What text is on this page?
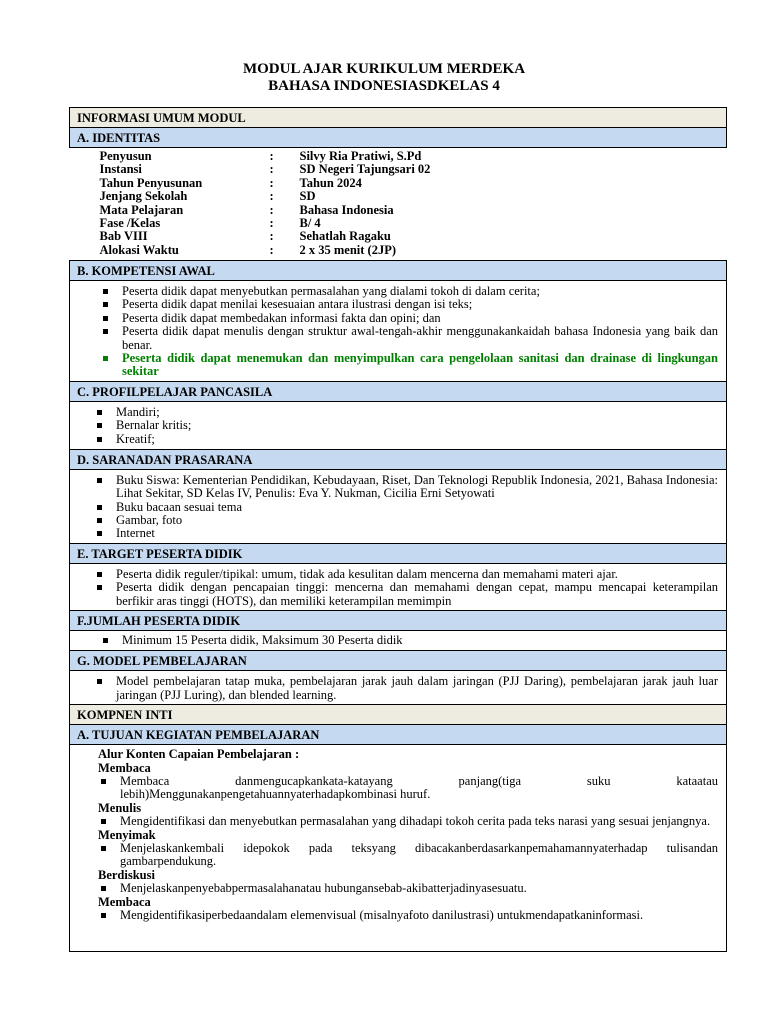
MODUL AJAR KURIKULUM MERDEKA
BAHASA INDONESIASDKELAS 4
INFORMASI UMUM MODUL
A. IDENTITAS

Penyusun	:	Silvy Ria Pratiwi, S.Pd
Instansi	:	SD Negeri Tajungsari 02
Tahun Penyusunan	:	Tahun 2024
Jenjang Sekolah	:	SD
Mata Pelajaran	:	Bahasa Indonesia
Fase /Kelas	:	B/ 4
Bab VIII	:	Sehatlah Ragaku
Alokasi Waktu	:	2 x 35 menit (2JP)

B. KOMPETENSI AWAL

Peserta didik dapat menyebutkan permasalahan yang dialami tokoh di dalam cerita;
Peserta didik dapat menilai kesesuaian antara ilustrasi dengan isi teks;
Peserta didik dapat membedakan informasi fakta dan opini; dan
Peserta didik dapat menulis dengan struktur awal-tengah-akhir menggunakankaidah bahasa Indonesia yang baik dan benar.
Peserta didik dapat menemukan dan menyimpulkan cara pengelolaan sanitasi dan drainase di lingkungan sekitar

C. PROFILPELAJAR PANCASILA

Mandiri;
Bernalar kritis;
Kreatif;

D. SARANADAN PRASARANA

Buku Siswa: Kementerian Pendidikan, Kebudayaan, Riset, Dan Teknologi Republik Indonesia, 2021, Bahasa Indonesia: Lihat Sekitar, SD Kelas IV, Penulis: Eva Y. Nukman, Cicilia Erni Setyowati
Buku bacaan sesuai tema
Gambar, foto
Internet

E. TARGET PESERTA DIDIK

Peserta didik reguler/tipikal: umum, tidak ada kesulitan dalam mencerna dan memahami materi ajar.
Peserta didik dengan pencapaian tinggi: mencerna dan memahami dengan cepat, mampu mencapai keterampilan berfikir aras tinggi (HOTS), dan memiliki keterampilan memimpin

F.JUMLAH PESERTA DIDIK

Minimum 15 Peserta didik, Maksimum 30 Peserta didik

G. MODEL PEMBELAJARAN

Model pembelajaran tatap muka, pembelajaran jarak jauh dalam jaringan (PJJ Daring), pembelajaran jarak jauh luar jaringan (PJJ Luring), dan blended learning.

KOMPNEN INTI
A. TUJUAN KEGIATAN PEMBELAJARAN

Alur Konten Capaian Pembelajaran :
Membaca
Membaca danmengucapkankata-katayang panjang(tiga suku kataatau lebih)Menggunakanpengetahuannyaterhadapkombinasi huruf.
Menulis
Mengidentifikasi dan menyebutkan permasalahan yang dihadapi tokoh cerita pada teks narasi yang sesuai jenjangnya.
Menyimak
Menjelaskankembali idepokok pada teksyang dibacakanberdasarkanpemahamannyaterhadap tulisandan gambarpendukung.
Berdiskusi
Menjelaskanpenyebabpermasalahanatau hubungansebab-akibatterjadinyasesuatu.
Membaca
Mengidentifikasiperbedaandalam elemenvisual (misalnyafoto danilustrasi) untukmendapatkaninformasi.
